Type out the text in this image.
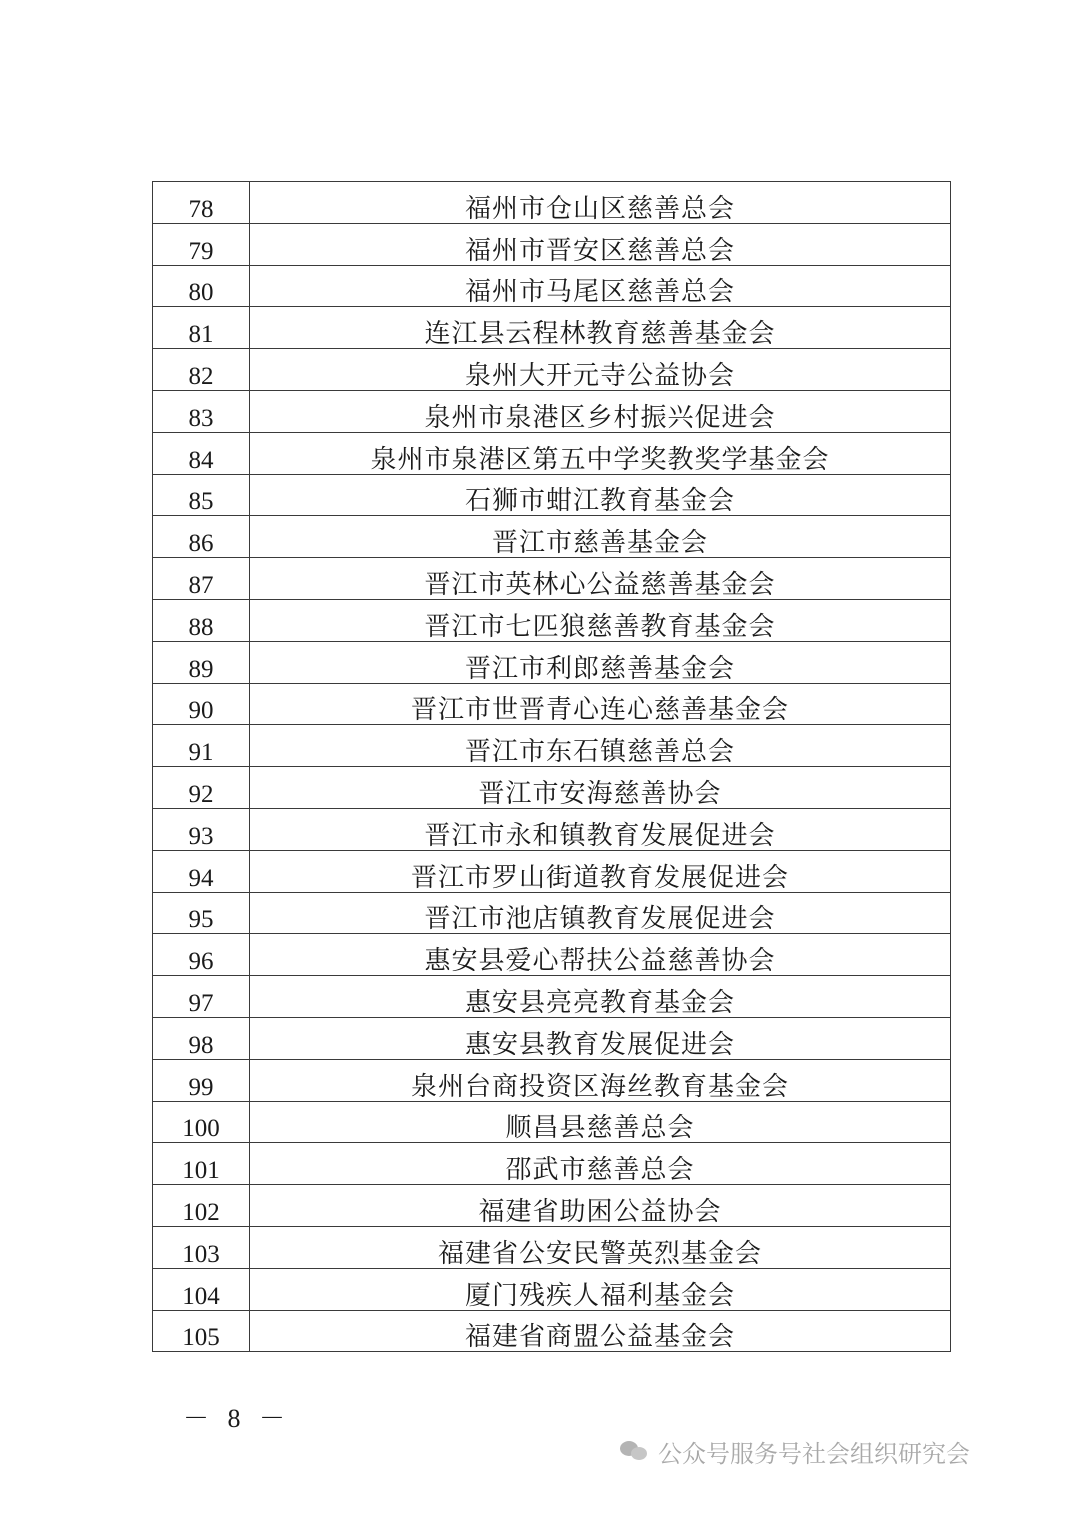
78	福州市仓山区慈善总会
79	福州市晋安区慈善总会
80	福州市马尾区慈善总会
81	连江县云程林教育慈善基金会
82	泉州大开元寺公益协会
83	泉州市泉港区乡村振兴促进会
84	泉州市泉港区第五中学奖教奖学基金会
85	石狮市蚶江教育基金会
86	晋江市慈善基金会
87	晋江市英林心公益慈善基金会
88	晋江市七匹狼慈善教育基金会
89	晋江市利郎慈善基金会
90	晋江市世晋青心连心慈善基金会
91	晋江市东石镇慈善总会
92	晋江市安海慈善协会
93	晋江市永和镇教育发展促进会
94	晋江市罗山街道教育发展促进会
95	晋江市池店镇教育发展促进会
96	惠安县爱心帮扶公益慈善协会
97	惠安县亮亮教育基金会
98	惠安县教育发展促进会
99	泉州台商投资区海丝教育基金会
100	顺昌县慈善总会
101	邵武市慈善总会
102	福建省助困公益协会
103	福建省公安民警英烈基金会
104	厦门残疾人福利基金会
105	福建省商盟公益基金会
－ 8 －
公众号服务号社会组织研究会
